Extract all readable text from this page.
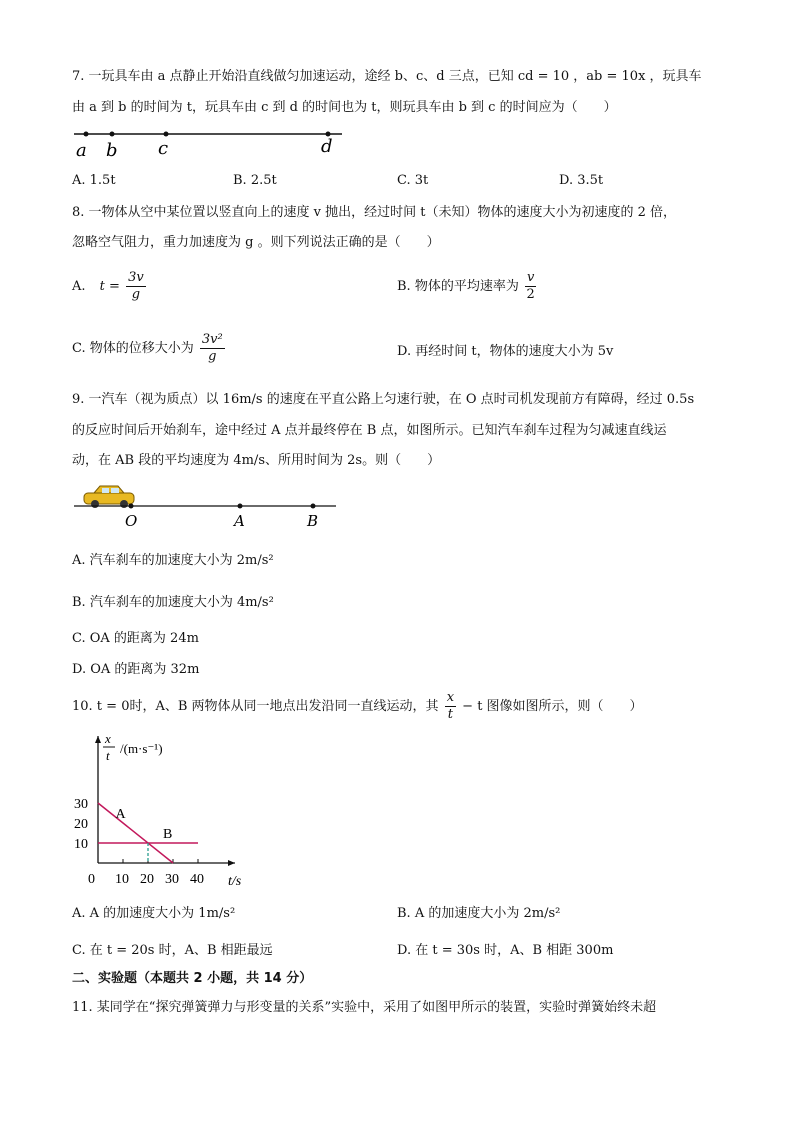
7. 一玩具车由 a 点静止开始沿直线做匀加速运动，途经 b、c、d 三点，已知 cd = 10 ，ab = 10x ，玩具车
由 a 到 b 的时间为 t，玩具车由 c 到 d 的时间也为 t，则玩具车由 b 到 c 的时间应为（　　）
a b c	d
A. 1.5t	B. 2.5t	C. 3t	D. 3.5t
8. 一物体从空中某位置以竖直向上的速度 v 抛出，经过时间 t（未知）物体的速度大小为初速度的 2 倍，
忽略空气阻力，重力加速度为 g 。则下列说法正确的是（　　）
A. $t = \frac{3v}{g}$	B. 物体的平均速率为 $\frac{v}{2}$
C. 物体的位移大小为 $\frac{\text{3v²}}{g}$	D. 再经时间 t，物体的速度大小为 5v
9. 一汽车（视为质点）以 16m/s 的速度在平直公路上匀速行驶，在 O 点时司机发现前方有障碍，经过 0.5s
的反应时间后开始刹车，途中经过 A 点并最终停在 B 点，如图所示。已知汽车刹车过程为匀减速直线运
动，在 AB 段的平均速度为 4m/s、所用时间为 2s。则（　　）
O	A	B
A. 汽车刹车的加速度大小为 2m/s²
B. 汽车刹车的加速度大小为 4m/s²
C. OA 的距离为 24m
D. OA 的距离为 32m
10. t = 0时，A、B 两物体从同一地点出发沿同一直线运动，其 $\frac{x}{t} - t$ 图像如图所示，则（　　）
0 10 20 30 40
10
20
30
t/s
x
t /(m·s⁻¹)
A
B
A. A 的加速度大小为 1m/s²	B. A 的加速度大小为 2m/s²
C. 在 t = 20s 时，A、B 相距最远	D. 在 t = 30s 时，A、B 相距 300m
二、实验题（本题共 2 小题，共 14 分）
11. 某同学在“探究弹簧弹力与形变量的关系”实验中，采用了如图甲所示的装置，实验时弹簧始终未超
